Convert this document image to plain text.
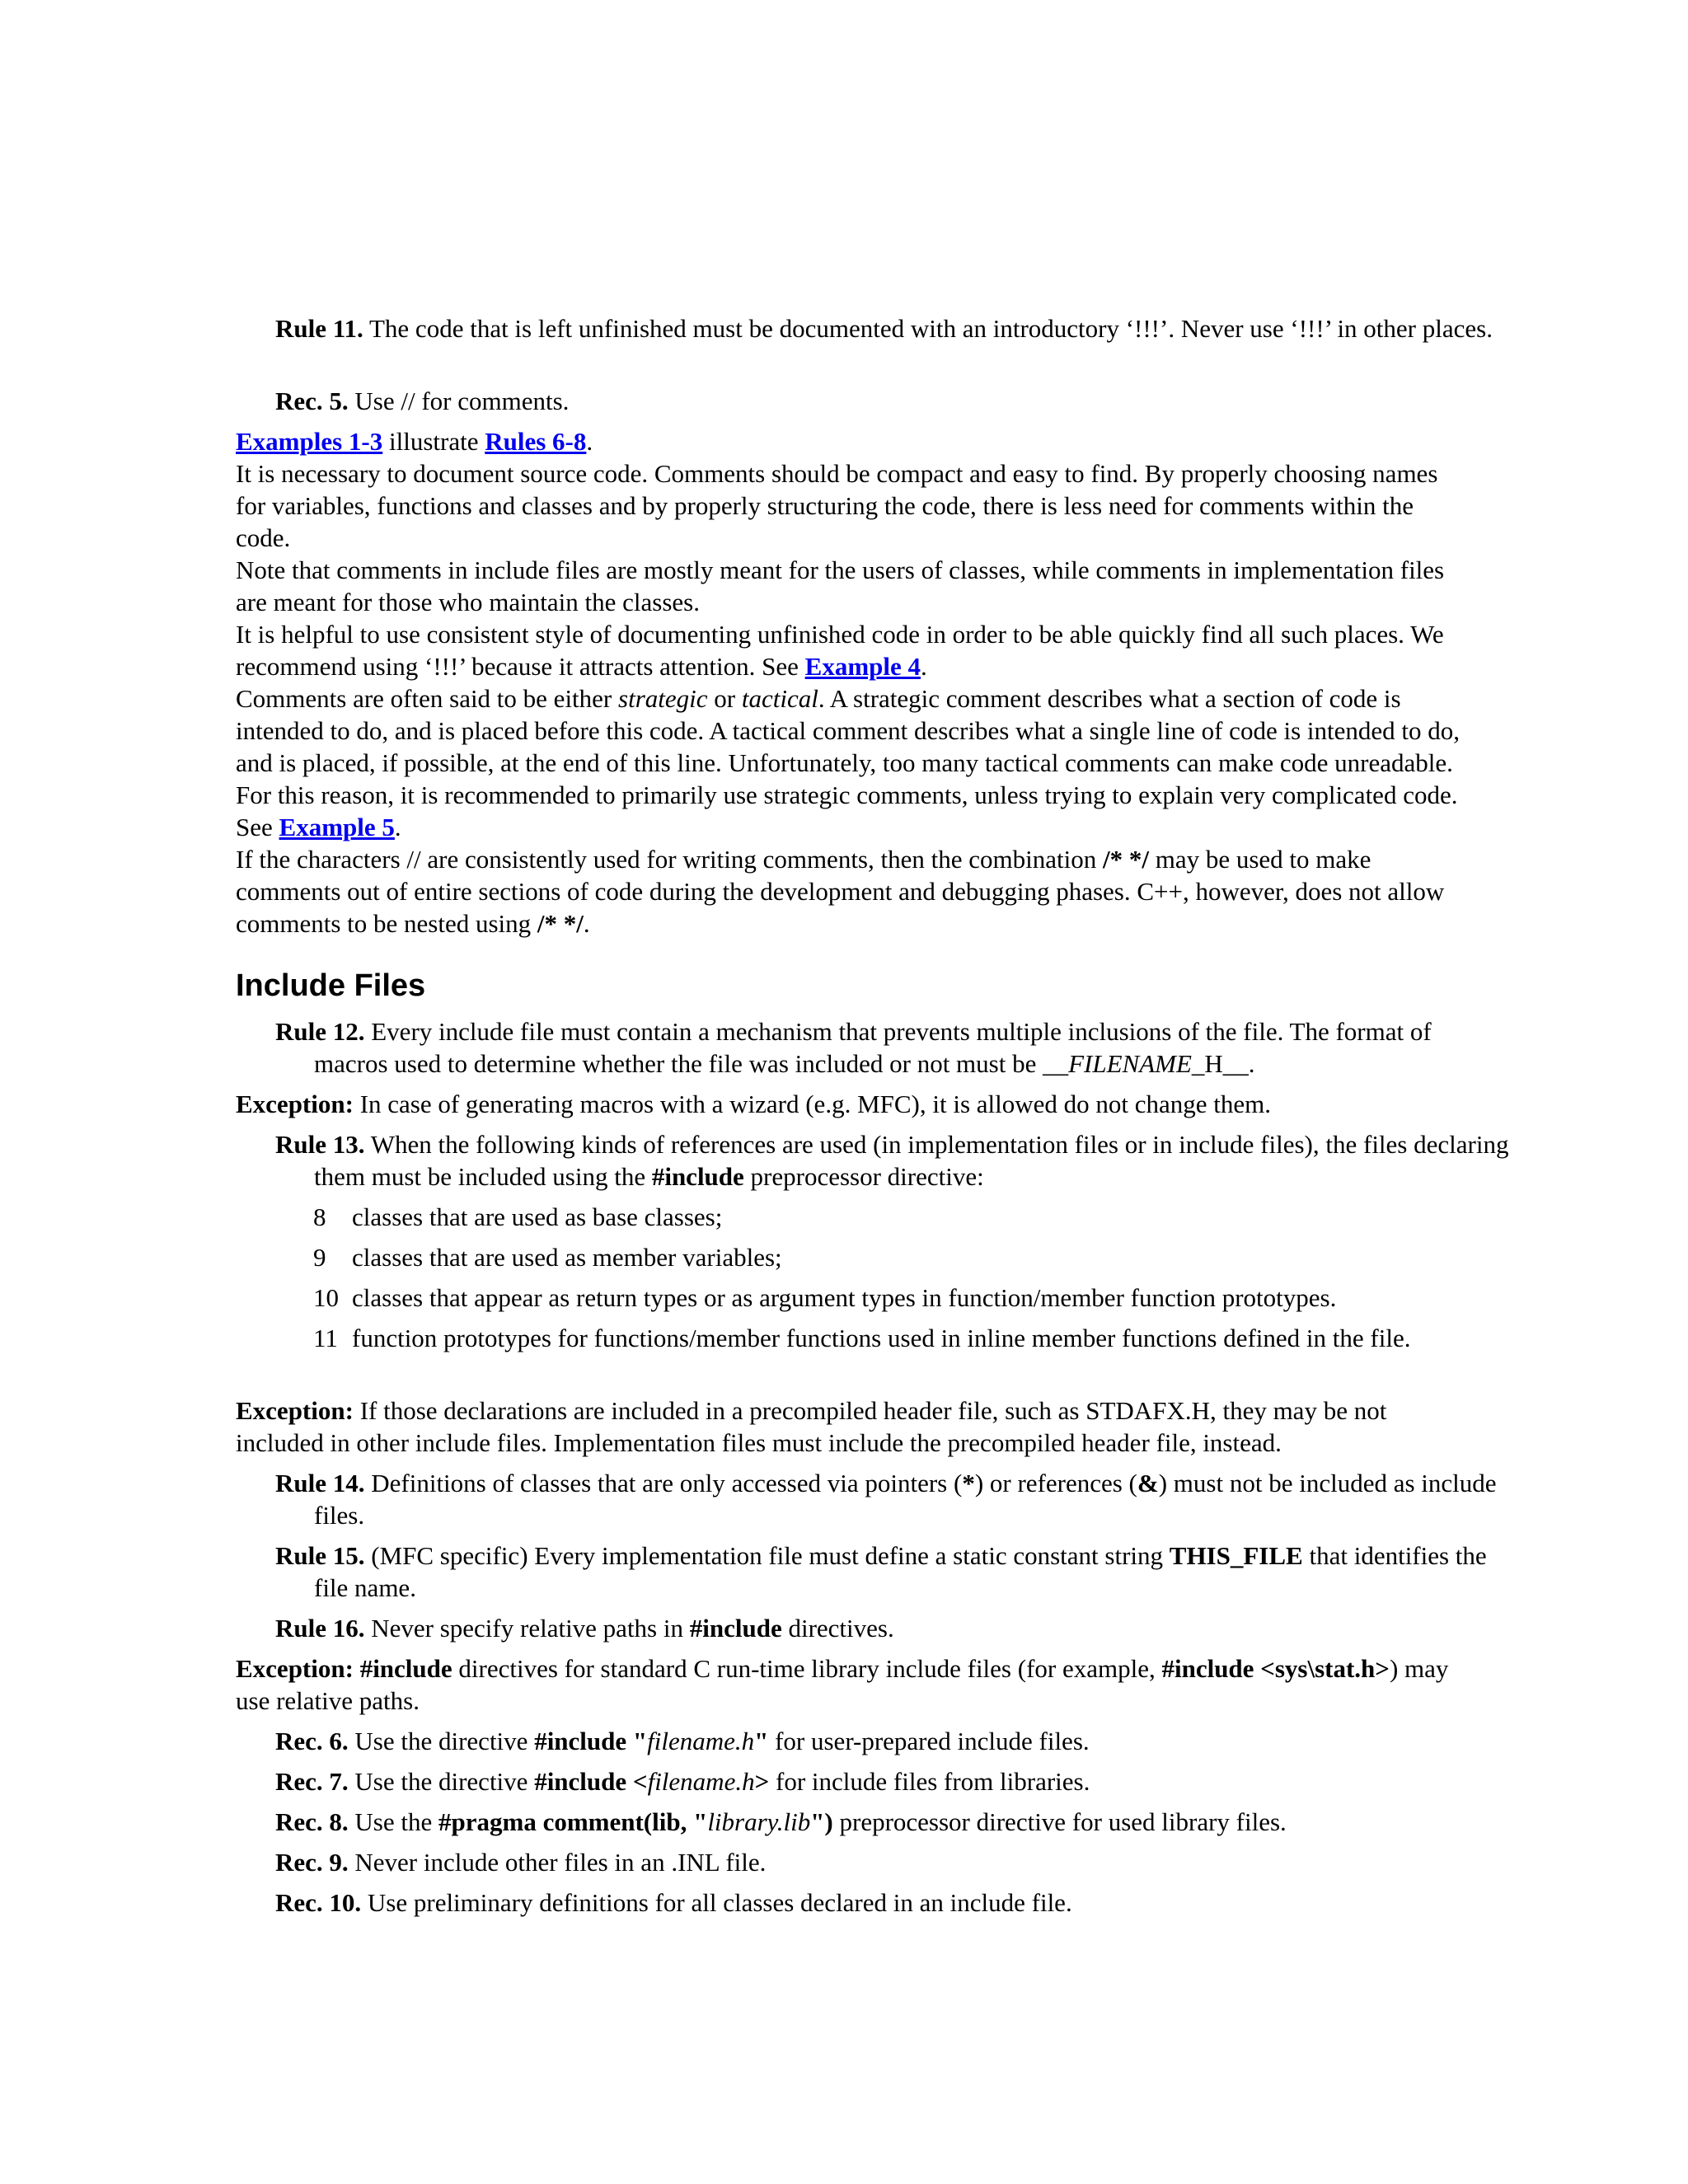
Rule 11. The code that is left unfinished must be documented with an introductory ‘!!!’. Never use ‘!!!’ in other places.
Rec. 5. Use // for comments.
Examples 1-3 illustrate Rules 6-8.
It is necessary to document source code. Comments should be compact and easy to find. By properly choosing names for variables, functions and classes and by properly structuring the code, there is less need for comments within the code.
Note that comments in include files are mostly meant for the users of classes, while comments in implementation files are meant for those who maintain the classes.
It is helpful to use consistent style of documenting unfinished code in order to be able quickly find all such places. We recommend using ‘!!!’ because it attracts attention. See Example 4.
Comments are often said to be either strategic or tactical. A strategic comment describes what a section of code is intended to do, and is placed before this code. A tactical comment describes what a single line of code is intended to do, and is placed, if possible, at the end of this line. Unfortunately, too many tactical comments can make code unreadable. For this reason, it is recommended to primarily use strategic comments, unless trying to explain very complicated code. See Example 5.
If the characters // are consistently used for writing comments, then the combination /* */ may be used to make comments out of entire sections of code during the development and debugging phases. C++, however, does not allow comments to be nested using /* */.
Include Files
Rule 12. Every include file must contain a mechanism that prevents multiple inclusions of the file. The format of macros used to determine whether the file was included or not must be __FILENAME_H__.
Exception: In case of generating macros with a wizard (e.g. MFC), it is allowed do not change them.
Rule 13. When the following kinds of references are used (in implementation files or in include files), the files declaring them must be included using the #include preprocessor directive:
8	classes that are used as base classes;
9	classes that are used as member variables;
10 classes that appear as return types or as argument types in function/member function prototypes.
11 function prototypes for functions/member functions used in inline member functions defined in the file.
Exception: If those declarations are included in a precompiled header file, such as STDAFX.H, they may be not included in other include files. Implementation files must include the precompiled header file, instead.
Rule 14. Definitions of classes that are only accessed via pointers (*) or references (&) must not be included as include files.
Rule 15. (MFC specific) Every implementation file must define a static constant string THIS_FILE that identifies the file name.
Rule 16. Never specify relative paths in #include directives.
Exception: #include directives for standard C run-time library include files (for example, #include <sys\stat.h>) may use relative paths.
Rec. 6. Use the directive #include "filename.h" for user-prepared include files.
Rec. 7. Use the directive #include <filename.h> for include files from libraries.
Rec. 8. Use the #pragma comment(lib, "library.lib") preprocessor directive for used library files.
Rec. 9. Never include other files in an .INL file.
Rec. 10. Use preliminary definitions for all classes declared in an include file.
